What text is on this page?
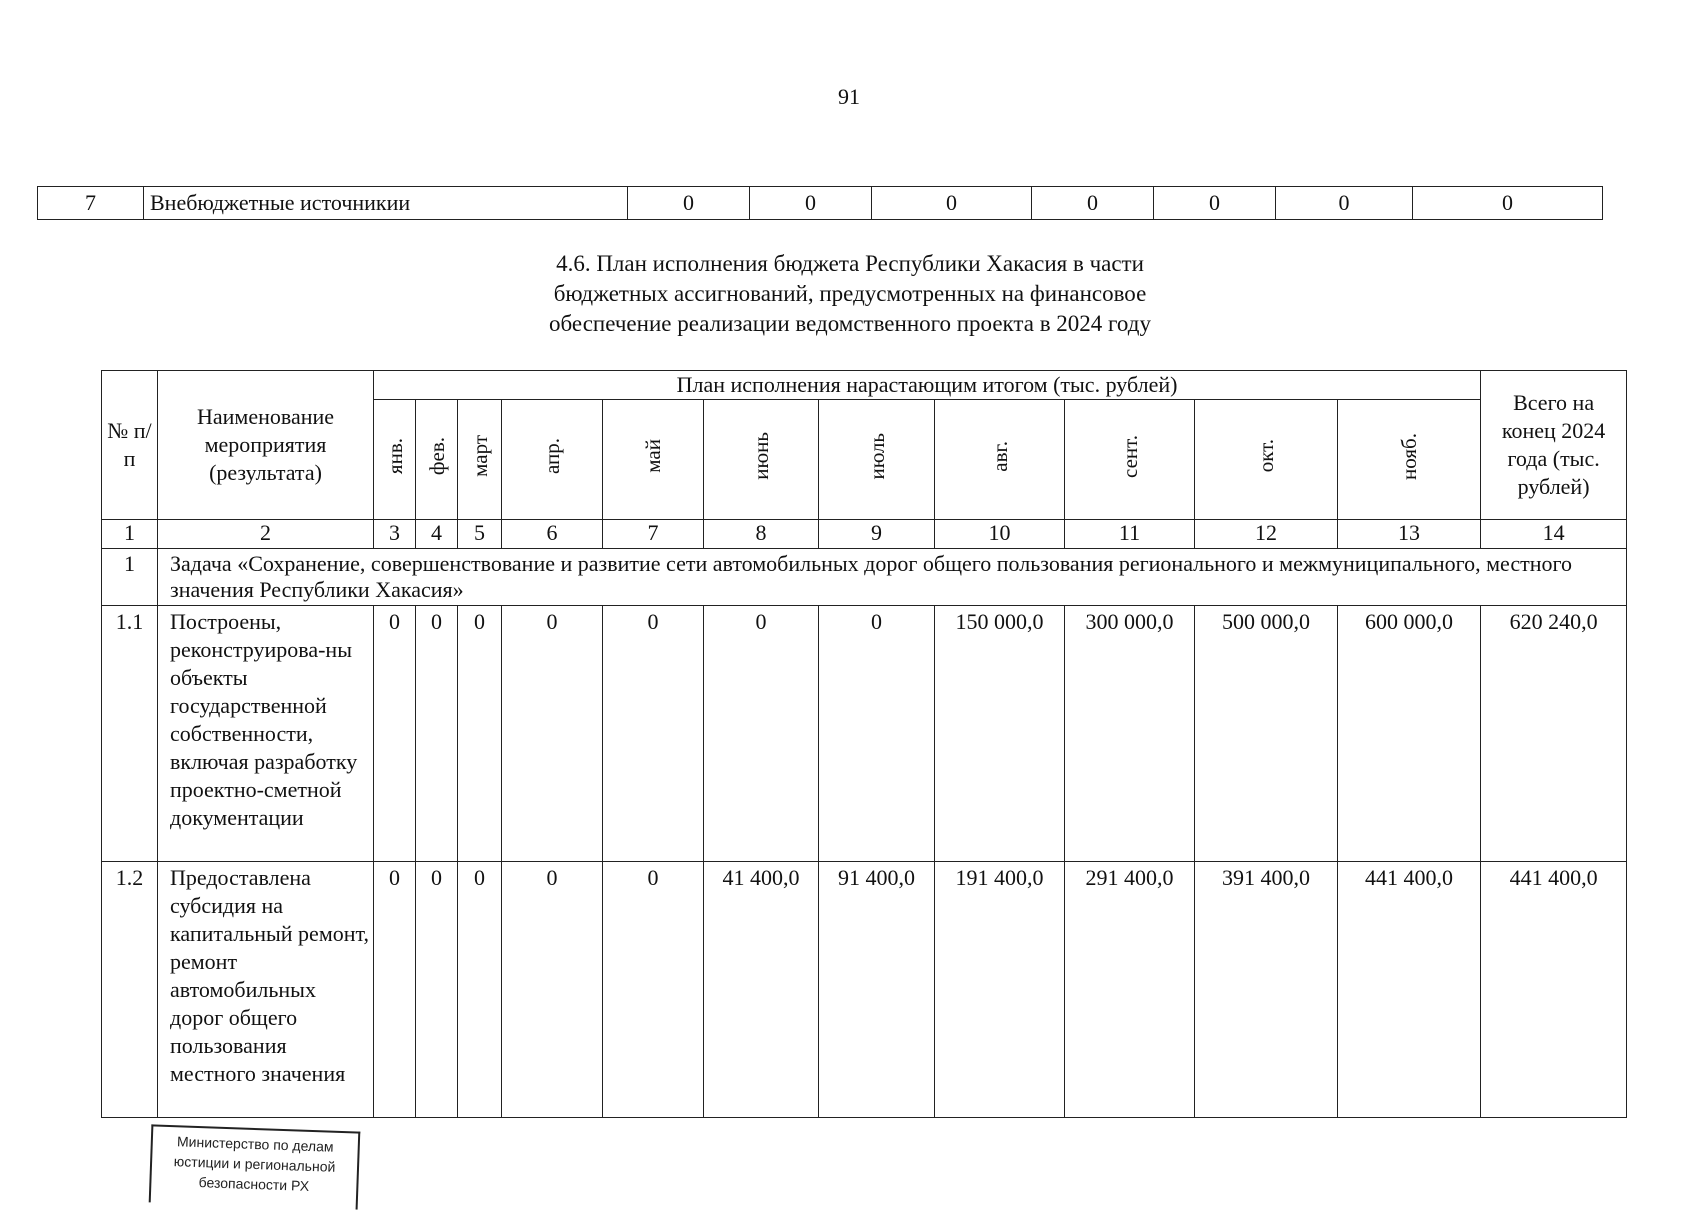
91
7	Внебюджетные источникии	0	0	0	0	0	0	0
4.6. План исполнения бюджета Республики Хакасия в части
бюджетных ассигнований, предусмотренных на финансовое
обеспечение реализации ведомственного проекта в 2024 году
№ п/п	Наименование мероприятия (результата)	План исполнения нарастающим итогом (тыс. рублей)											Всего на конец 2024 года (тыс. рублей)
		янв.	фев.	март	апр.	май	июнь	июль	авг.	сент.	окт.	нояб.	
1	2	3	4	5	6	7	8	9	10	11	12	13	14
1	Задача «Сохранение, совершенствование и развитие сети автомобильных дорог общего пользования регионального и межмуниципального, местного значения Республики Хакасия»												
1.1	Построены, реконструирова-ны объекты государственной собственности, включая разработку проектно-сметной документации	0	0	0	0	0	0	0	150 000,0	300 000,0	500 000,0	600 000,0	620 240,0
1.2	Предоставлена субсидия на капитальный ремонт, ремонт автомобильных дорог общего пользования местного значения	0	0	0	0	0	41 400,0	91 400,0	191 400,0	291 400,0	391 400,0	441 400,0	441 400,0
Министерство по делам
юстиции и региональной
безопасности РХ
